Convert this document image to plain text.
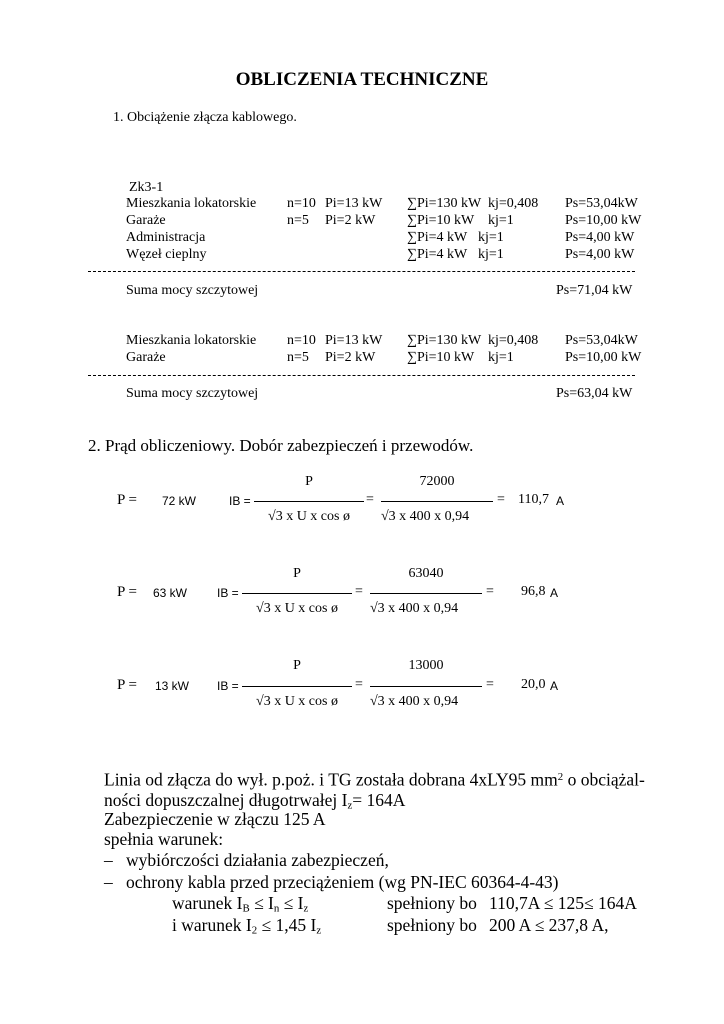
OBLICZENIA TECHNICZNE
1. Obciążenie złącza kablowego.
Zk3-1
Mieszkania lokatorskie n=10 Pi=13 kW ∑Pi=130 kW kj=0,408 Ps=53,04kW
Garaże	n=5 Pi=2 kW ∑Pi=10 kW kj=1	Ps=10,00 kW
Administracja	∑Pi=4 kW kj=1	Ps=4,00 kW
Węzeł cieplny	∑Pi=4 kW kj=1	Ps=4,00 kW
Suma mocy szczytowej	Ps=71,04 kW
Mieszkania lokatorskie n=10 Pi=13 kW ∑Pi=130 kW kj=0,408 Ps=53,04kW
Garaże	n=5 Pi=2 kW ∑Pi=10 kW kj=1	Ps=10,00 kW
Suma mocy szczytowej	Ps=63,04 kW
2. Prąd obliczeniowy. Dobór zabezpieczeń i przewodów.
P = 72 kW	IB =
P
√3 x U x cos ø
=
72000
√3 x 400 x 0,94
= 110,7 A
P = 63 kW IB =
P
√3 x U x cos ø
=
63040
√3 x 400 x 0,94
= 96,8 A
P = 13 kW IB =
P
√3 x U x cos ø
=
13000
√3 x 400 x 0,94
= 20,0 A
Linia od złącza do wył. p.poż. i TG została dobrana 4xLY95 $mm^2$ o obciążal-
ności dopuszczalnej długotrwałej $I_z= 164A$
Zabezpieczenie w złączu 125 A
spełnia warunek:
– wybiórczości działania zabezpieczeń,
– ochrony kabla przed przeciążeniem (wg PN-IEC 60364-4-43)
warunek $I_B \le I_n \le I_z$	spełniony bo 110,7A ≤ 125≤ 164A
i warunek $I_2 \le 1,45$ $I_z$	spełniony bo 200 A ≤ 237,8 A,
